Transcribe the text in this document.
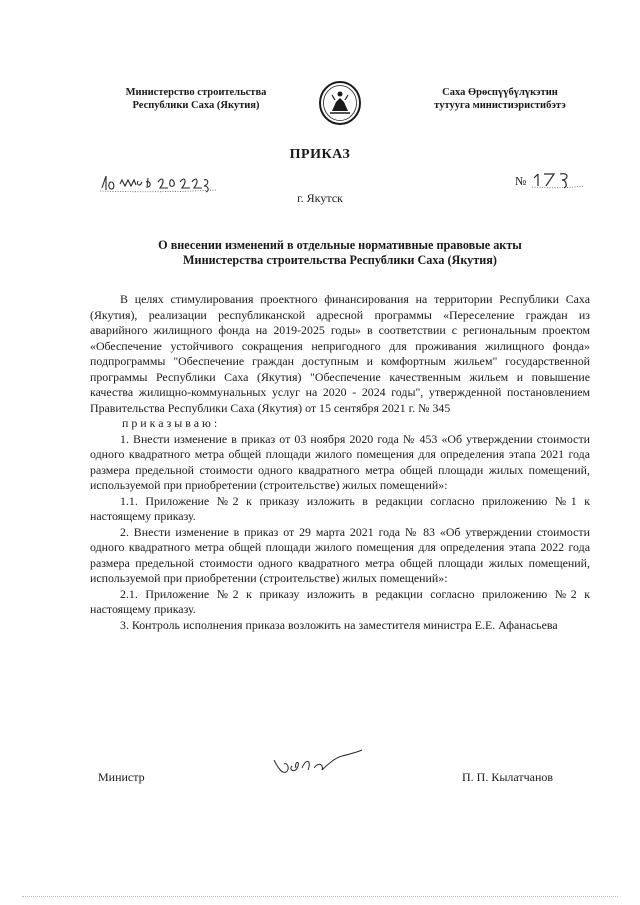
Министерство строительства
Республики Саха (Якутия)
Саха Өрөспүүбүлүкэтин
тутууга министиэристибэтэ
ПРИКАЗ
№
г. Якутск
О внесении изменений в отдельные нормативные правовые акты
Министерства строительства Республики Саха (Якутия)

В целях стимулирования проектного финансирования на территории Республики Саха (Якутия), реализации республиканской адресной программы «Переселение граждан из аварийного жилищного фонда на 2019-2025 годы» в соответствии с региональным проектом «Обеспечение устойчивого сокращения непригодного для проживания жилищного фонда» подпрограммы "Обеспечение граждан доступным и комфортным жильем" государственной программы Республики Саха (Якутия) "Обеспечение качественным жильем и повышение качества жилищно-коммунальных услуг на 2020 - 2024 годы", утвержденной постановлением Правительства Республики Саха (Якутия) от 15 сентября 2021 г. № 345

приказываю:

1. Внести изменение в приказ от 03 ноября 2020 года № 453 «Об утверждении стоимости одного квадратного метра общей площади жилого помещения для определения этапа 2021 года размера предельной стоимости одного квадратного метра общей площади жилых помещений, используемой при приобретении (строительстве) жилых помещений»:

1.1. Приложение №2 к приказу изложить в редакции согласно приложению №1 к настоящему приказу.

2. Внести изменение в приказ от 29 марта 2021 года № 83 «Об утверждении стоимости одного квадратного метра общей площади жилого помещения для определения этапа 2022 года размера предельной стоимости одного квадратного метра общей площади жилых помещений, используемой при приобретении (строительстве) жилых помещений»:

2.1. Приложение №2 к приказу изложить в редакции согласно приложению №2 к настоящему приказу.

3. Контроль исполнения приказа возложить на заместителя министра Е.Е. Афанасьева

Министр	П. П. Кылатчанов
